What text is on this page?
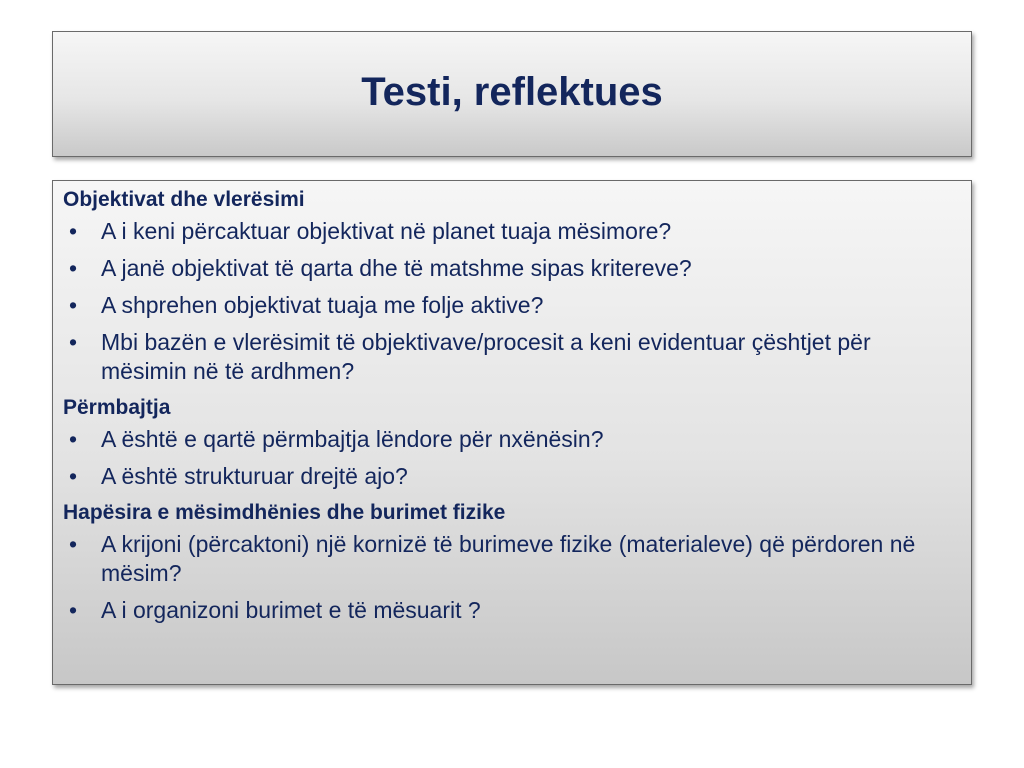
Testi, reflektues
Objektivat dhe vlerësimi
• A i keni përcaktuar objektivat në planet tuaja mësimore?
• A janë objektivat të qarta dhe të matshme sipas kritereve?
• A shprehen objektivat tuaja me folje aktive?
• Mbi bazën e vlerësimit të objektivave/procesit a keni evidentuar çështjet për mësimin në të ardhmen?
Përmbajtja
• A është e qartë përmbajtja lëndore për nxënësin?
• A është strukturuar drejtë ajo?
Hapësira e mësimdhënies dhe burimet fizike
• A krijoni (përcaktoni) një kornizë të burimeve fizike (materialeve) që përdoren në mësim?
• A i organizoni burimet e të mësuarit ?
